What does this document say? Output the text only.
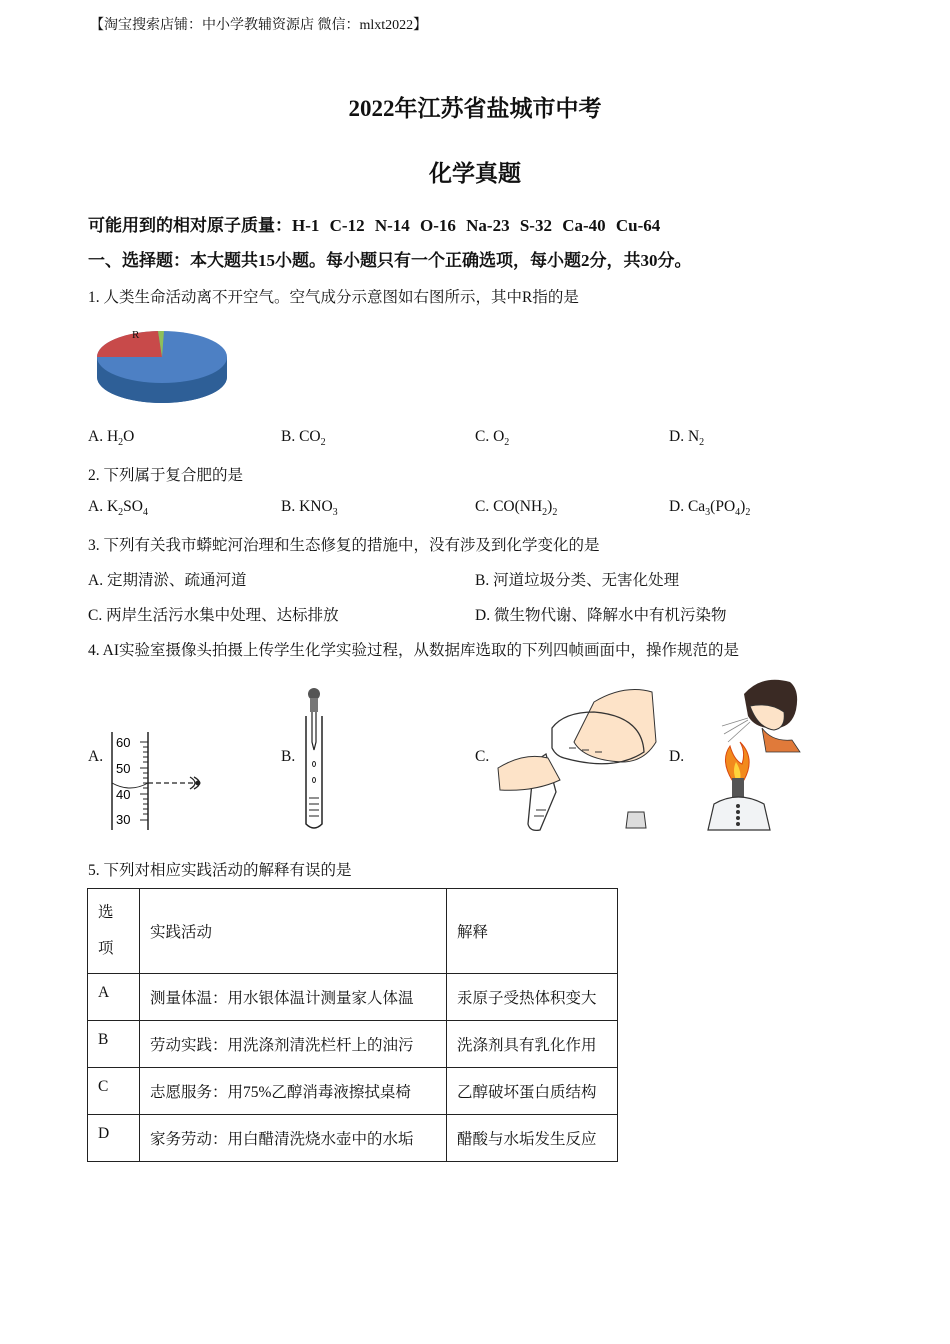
【淘宝搜索店铺：中小学教辅资源店 微信：mlxt2022】
2022年江苏省盐城市中考
化学真题
可能用到的相对原子质量：H-1 C-12 N-14 O-16 Na-23 S-32 Ca-40 Cu-64
一、选择题：本大题共15小题。每小题只有一个正确选项，每小题2分，共30分。
1. 人类生命活动离不开空气。空气成分示意图如右图所示，其中R指的是
R
A. $H_2O$	B. $CO_2$	C. $O_2$	D. $N_2$
2. 下列属于复合肥的是
A. $K_2SO_4$	B. $KNO_3$	C. $CO(NH_2)_2$	D. $Ca_3(PO_4)_2$
3. 下列有关我市蟒蛇河治理和生态修复的措施中，没有涉及到化学变化的是
A. 定期清淤、疏通河道	B. 河道垃圾分类、无害化处理
C. 两岸生活污水集中处理、达标排放	D. 微生物代谢、降解水中有机污染物
4. AI实验室摄像头拍摄上传学生化学实验过程，从数据库选取的下列四帧画面中，操作规范的是
A.
60
50
40
30
B.	C.	D.
5. 下列对相应实践活动的解释有误的是
选
项	实践活动	解释
A	测量体温：用水银体温计测量家人体温	汞原子受热体积变大
B	劳动实践：用洗涤剂清洗栏杆上的油污	洗涤剂具有乳化作用
C	志愿服务：用75%乙醇消毒液擦拭桌椅	乙醇破坏蛋白质结构
D	家务劳动：用白醋清洗烧水壶中的水垢	醋酸与水垢发生反应
